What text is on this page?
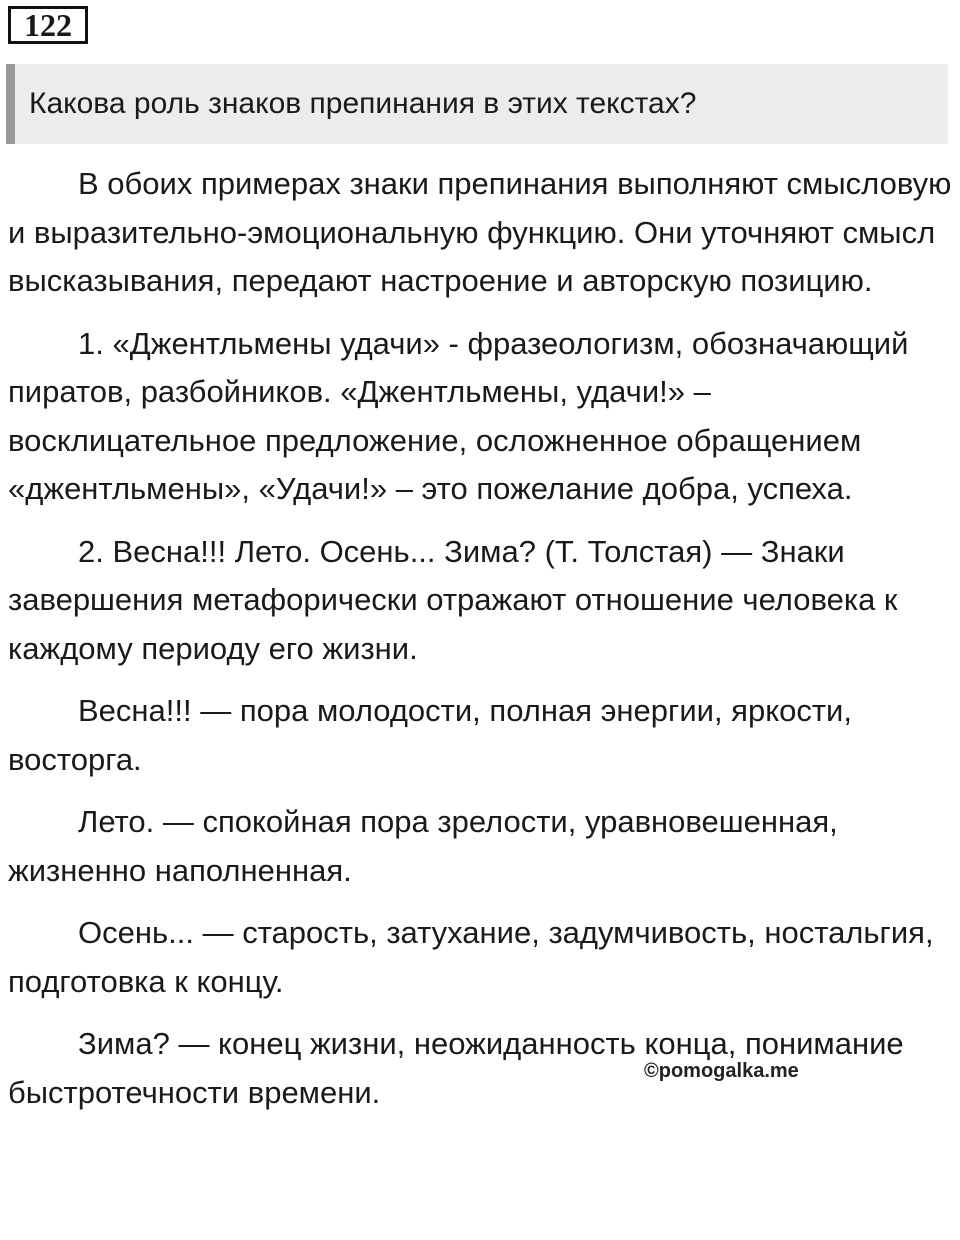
122
Какова роль знаков препинания в этих текстах?

В обоих примерах знаки препинания выполняют смысловую и выразительно-эмоциональную функцию. Они уточняют смысл высказывания, передают настроение и авторскую позицию.

1. «Джентльмены удачи» - фразеологизм, обозначающий пиратов, разбойников. «Джентльмены, удачи!» – восклицательное предложение, осложненное обращением «джентльмены», «Удачи!» – это пожелание добра, успеха.

2. Весна!!! Лето. Осень... Зима? (Т. Толстая) — Знаки завершения метафорически отражают отношение человека к каждому периоду его жизни.

Весна!!! — пора молодости, полная энергии, яркости, восторга.

Лето. — спокойная пора зрелости, уравновешенная, жизненно наполненная.

Осень... — старость, затухание, задумчивость, ностальгия, подготовка к концу.

Зима? — конец жизни, неожиданность конца, понимание быстротечности времени.

©pomogalka.me
